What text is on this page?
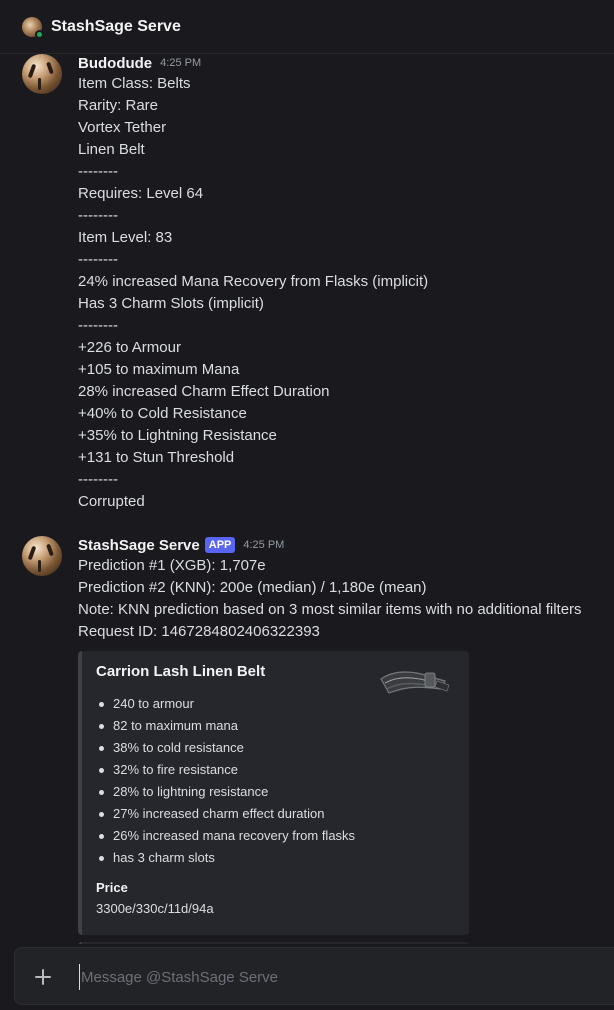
StashSage Serve
Budodude 4:25 PM
Item Class: Belts
Rarity: Rare
Vortex Tether
Linen Belt
--------
Requires: Level 64
--------
Item Level: 83
--------
24% increased Mana Recovery from Flasks (implicit)
Has 3 Charm Slots (implicit)
--------
+226 to Armour
+105 to maximum Mana
28% increased Charm Effect Duration
+40% to Cold Resistance
+35% to Lightning Resistance
+131 to Stun Threshold
--------
Corrupted
StashSage Serve APP	4:25 PM
Prediction #1 (XGB): 1,707e
Prediction #2 (KNN): 200e (median) / 1,180e (mean)
Note: KNN prediction based on 3 most similar items with no additional filters
Request ID: 1467284802406322393
Carrion Lash Linen Belt
240 to armour
82 to maximum mana
38% to cold resistance
32% to fire resistance
28% to lightning resistance
27% increased charm effect duration
26% increased mana recovery from flasks
has 3 charm slots
Price
3300e/330c/11d/94a
Message @StashSage Serve
